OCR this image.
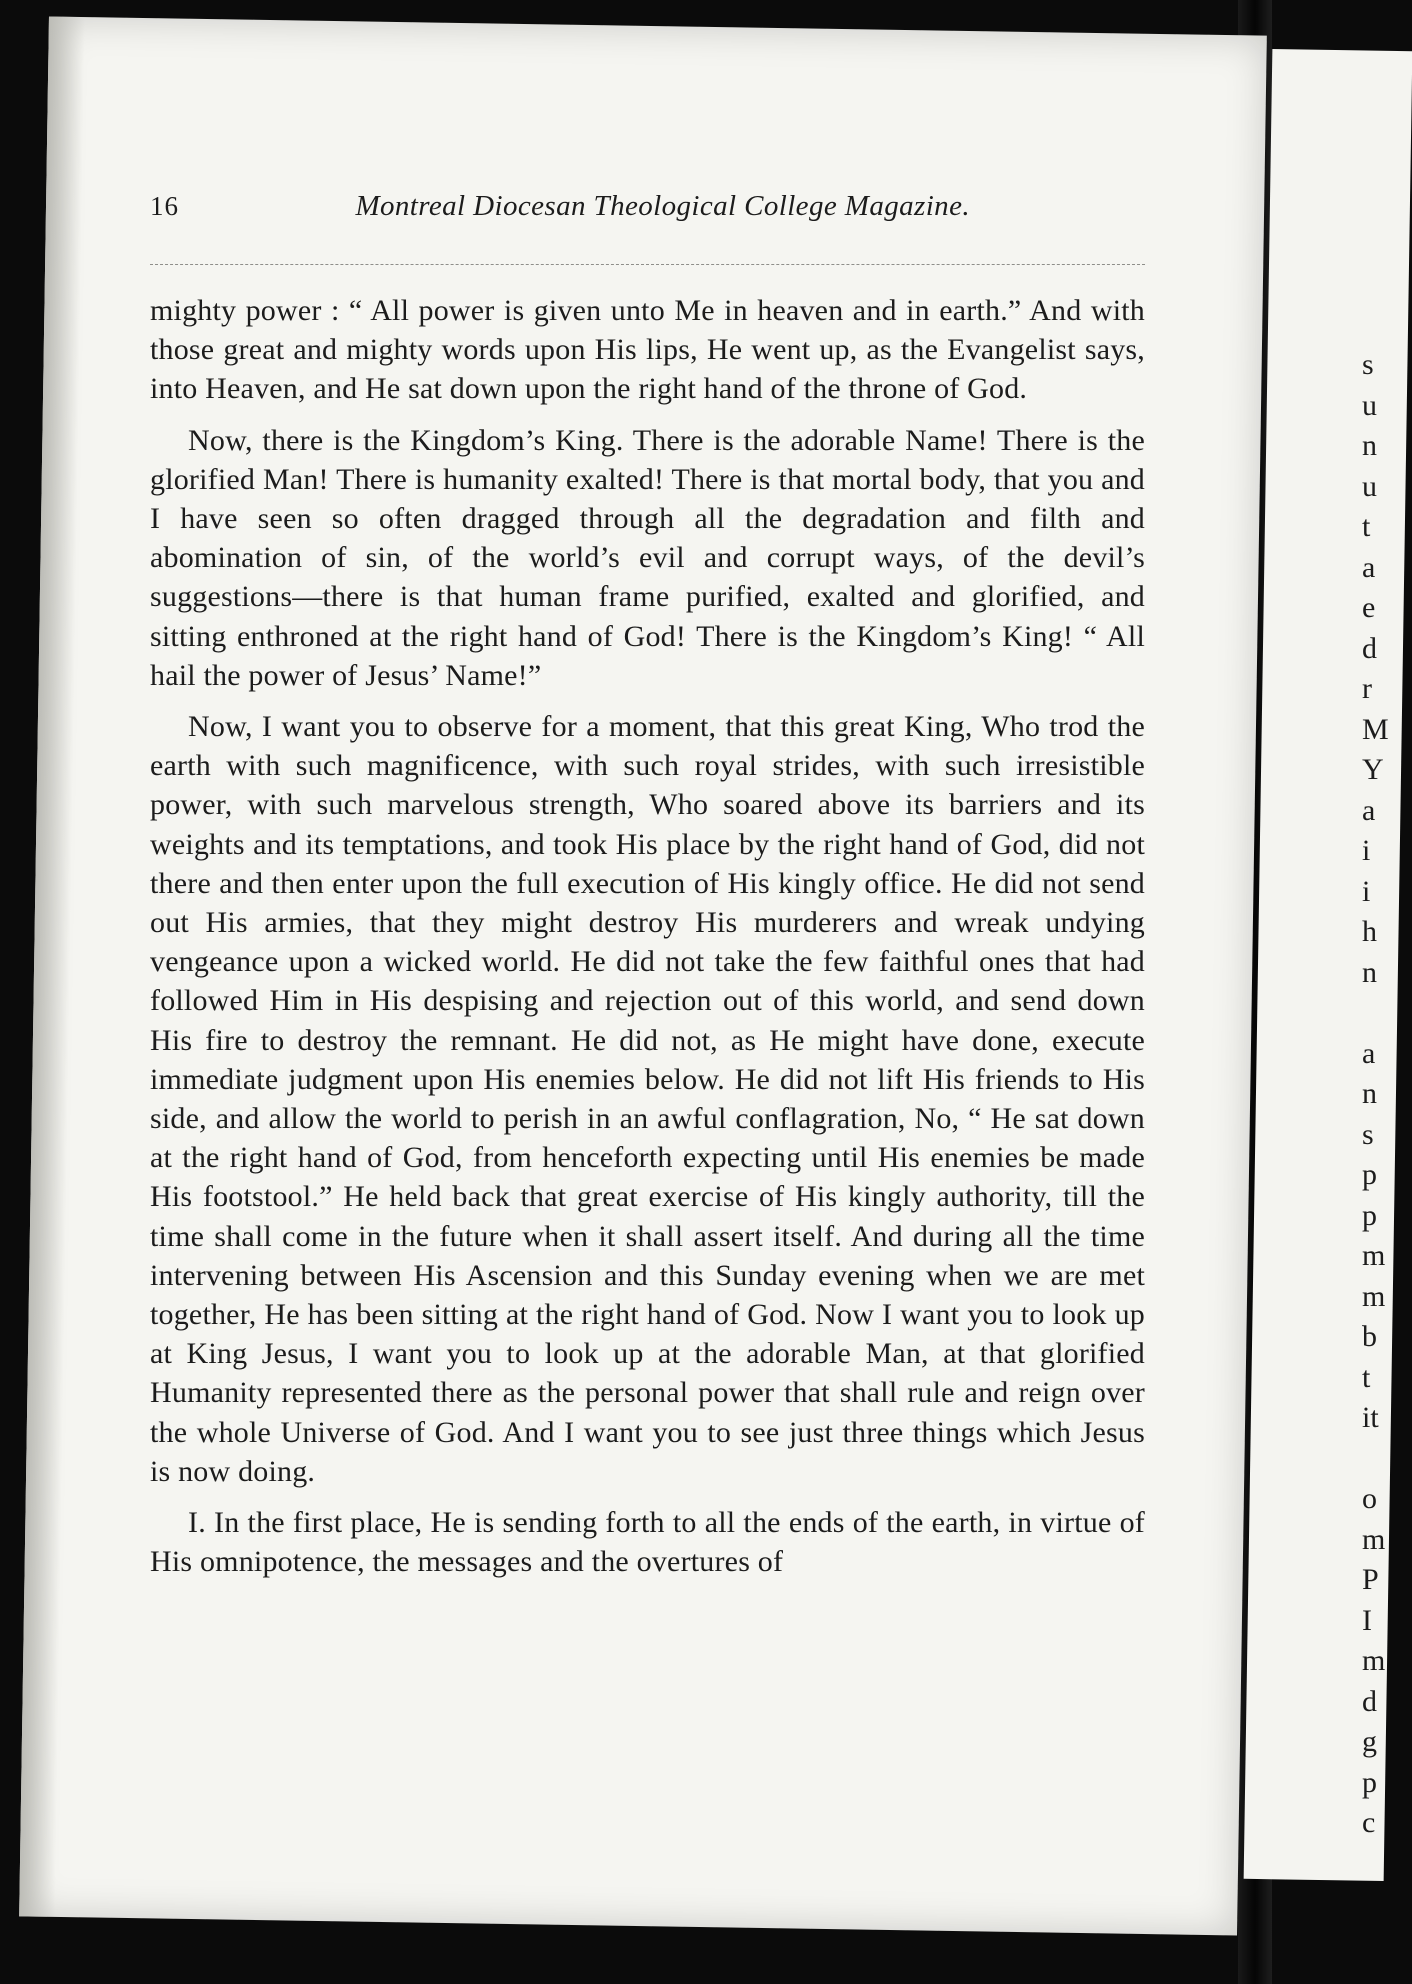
16	Montreal Diocesan Theological College Magazine.

mighty power : “ All power is given unto Me in heaven and in earth.” And with those great and mighty words upon His lips, He went up, as the Evangelist says, into Heaven, and He sat down upon the right hand of the throne of God.

Now, there is the Kingdom’s King. There is the adorable Name! There is the glorified Man! There is humanity exalted! There is that mortal body, that you and I have seen so often dragged through all the degradation and filth and abomination of sin, of the world’s evil and corrupt ways, of the devil’s suggestions—there is that human frame purified, exalted and glorified, and sitting enthroned at the right hand of God! There is the Kingdom’s King! “ All hail the power of Jesus’ Name!”

Now, I want you to observe for a moment, that this great King, Who trod the earth with such magnificence, with such royal strides, with such irresistible power, with such marvelous strength, Who soared above its barriers and its weights and its temptations, and took His place by the right hand of God, did not there and then enter upon the full execution of His kingly office. He did not send out His armies, that they might destroy His murderers and wreak undying vengeance upon a wicked world. He did not take the few faithful ones that had followed Him in His despising and rejection out of this world, and send down His fire to destroy the remnant. He did not, as He might have done, execute immediate judgment upon His enemies below. He did not lift His friends to His side, and allow the world to perish in an awful conflagration, No, “ He sat down at the right hand of God, from henceforth expecting until His enemies be made His footstool.” He held back that great exercise of His kingly authority, till the time shall come in the future when it shall assert itself. And during all the time intervening between His Ascension and this Sunday evening when we are met together, He has been sitting at the right hand of God. Now I want you to look up at King Jesus, I want you to look up at the adorable Man, at that glorified Humanity represented there as the personal power that shall rule and reign over the whole Universe of God. And I want you to see just three things which Jesus is now doing.

I. In the first place, He is sending forth to all the ends of the earth, in virtue of His omnipotence, the messages and the overtures of

s
u
n
u
t
a
e
d
r
M
Y
a
i
i
h
n
a
n
s
p
p
m
m
b
t
it
o
m
P
I
m
d
g
p
c
